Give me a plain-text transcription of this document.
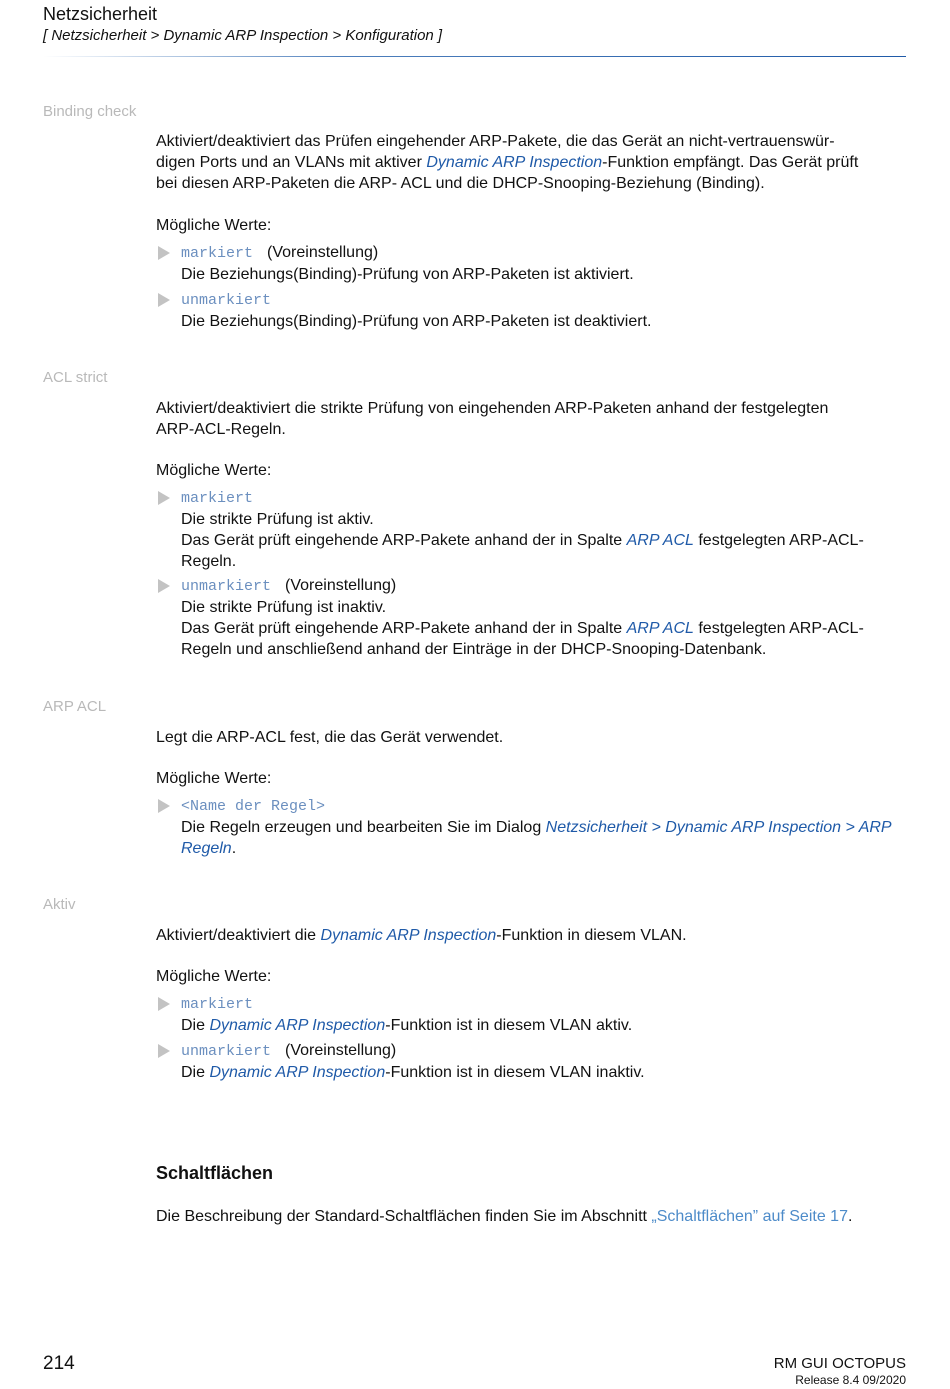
Netzsicherheit
[ Netzsicherheit > Dynamic ARP Inspection > Konfiguration ]
Binding check
Aktiviert/deaktiviert das Prüfen eingehender ARP-Pakete, die das Gerät an nicht-vertrauenswür-
digen Ports und an VLANs mit aktiver Dynamic ARP Inspection-Funktion empfängt. Das Gerät prüft
bei diesen ARP-Paketen die ARP- ACL und die DHCP-Snooping-Beziehung (Binding).
Mögliche Werte:
markiert (Voreinstellung)
Die Beziehungs(Binding)-Prüfung von ARP-Paketen ist aktiviert.
unmarkiert
Die Beziehungs(Binding)-Prüfung von ARP-Paketen ist deaktiviert.
ACL strict
Aktiviert/deaktiviert die strikte Prüfung von eingehenden ARP-Paketen anhand der festgelegten
ARP-ACL-Regeln.
Mögliche Werte:
markiert
Die strikte Prüfung ist aktiv.
Das Gerät prüft eingehende ARP-Pakete anhand der in Spalte ARP ACL festgelegten ARP-ACL-
Regeln.
unmarkiert (Voreinstellung)
Die strikte Prüfung ist inaktiv.
Das Gerät prüft eingehende ARP-Pakete anhand der in Spalte ARP ACL festgelegten ARP-ACL-
Regeln und anschließend anhand der Einträge in der DHCP-Snooping-Datenbank.
ARP ACL
Legt die ARP-ACL fest, die das Gerät verwendet.
Mögliche Werte:
<Name der Regel>
Die Regeln erzeugen und bearbeiten Sie im Dialog Netzsicherheit > Dynamic ARP Inspection > ARP
Regeln.
Aktiv
Aktiviert/deaktiviert die Dynamic ARP Inspection-Funktion in diesem VLAN.
Mögliche Werte:
markiert
Die Dynamic ARP Inspection-Funktion ist in diesem VLAN aktiv.
unmarkiert (Voreinstellung)
Die Dynamic ARP Inspection-Funktion ist in diesem VLAN inaktiv.
Schaltflächen
Die Beschreibung der Standard-Schaltflächen finden Sie im Abschnitt „Schaltflächen” auf Seite 17.
214	RM GUI OCTOPUS
Release 8.4 09/2020
